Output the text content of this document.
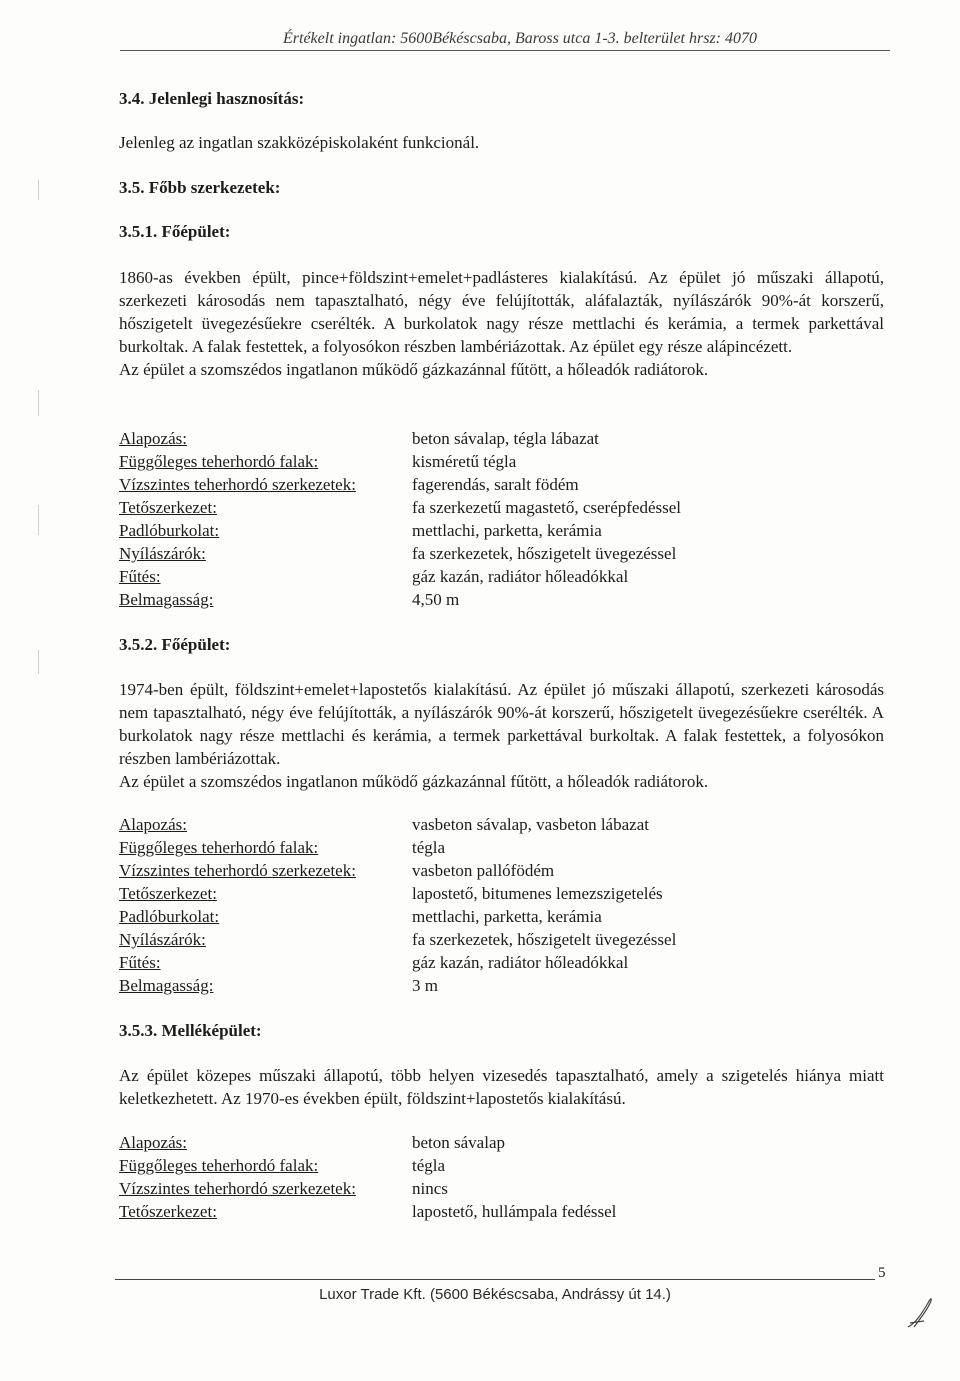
Értékelt ingatlan: 5600Békéscsaba, Baross utca 1-3. belterület hrsz: 4070
3.4. Jelenlegi hasznosítás:

Jelenleg az ingatlan szakközépiskolaként funkcionál.

3.5. Főbb szerkezetek:
3.5.1. Főépület:

1860-as években épült, pince+földszint+emelet+padlásteres kialakítású. Az épület jó műszaki állapotú, szerkezeti károsodás nem tapasztalható, négy éve felújították, aláfalazták, nyílászárók 90%-át korszerű, hőszigetelt üvegezésűekre cserélték. A burkolatok nagy része mettlachi és kerámia, a termek parkettával burkoltak. A falak festettek, a folyosókon részben lambériázottak. Az épület egy része alápincézett.

Az épület a szomszédos ingatlanon működő gázkazánnal fűtött, a hőleadók radiátorok.

Alapozás:	beton sávalap, tégla lábazat
Függőleges teherhordó falak:	kisméretű tégla
Vízszintes teherhordó szerkezetek:	fagerendás, saralt födém
Tetőszerkezet:	fa szerkezetű magastető, cserépfedéssel
Padlóburkolat:	mettlachi, parketta, kerámia
Nyílászárók:	fa szerkezetek, hőszigetelt üvegezéssel
Fűtés:	gáz kazán, radiátor hőleadókkal
Belmagasság:	4,50 m
3.5.2. Főépület:

1974-ben épült, földszint+emelet+lapostetős kialakítású. Az épület jó műszaki állapotú, szerkezeti károsodás nem tapasztalható, négy éve felújították, a nyílászárók 90%-át korszerű, hőszigetelt üvegezésűekre cserélték. A burkolatok nagy része mettlachi és kerámia, a termek parkettával burkoltak. A falak festettek, a folyosókon részben lambériázottak.

Az épület a szomszédos ingatlanon működő gázkazánnal fűtött, a hőleadók radiátorok.

Alapozás:	vasbeton sávalap, vasbeton lábazat
Függőleges teherhordó falak:	tégla
Vízszintes teherhordó szerkezetek:	vasbeton pallófödém
Tetőszerkezet:	lapostető, bitumenes lemezszigetelés
Padlóburkolat:	mettlachi, parketta, kerámia
Nyílászárók:	fa szerkezetek, hőszigetelt üvegezéssel
Fűtés:	gáz kazán, radiátor hőleadókkal
Belmagasság:	3 m
3.5.3. Melléképület:

Az épület közepes műszaki állapotú, több helyen vizesedés tapasztalható, amely a szigetelés hiánya miatt keletkezhetett. Az 1970-es években épült, földszint+lapostetős kialakítású.

Alapozás:	beton sávalap
Függőleges teherhordó falak:	tégla
Vízszintes teherhordó szerkezetek:	nincs
Tetőszerkezet:	lapostető, hullámpala fedéssel
5
Luxor Trade Kft. (5600 Békéscsaba, Andrássy út 14.)
